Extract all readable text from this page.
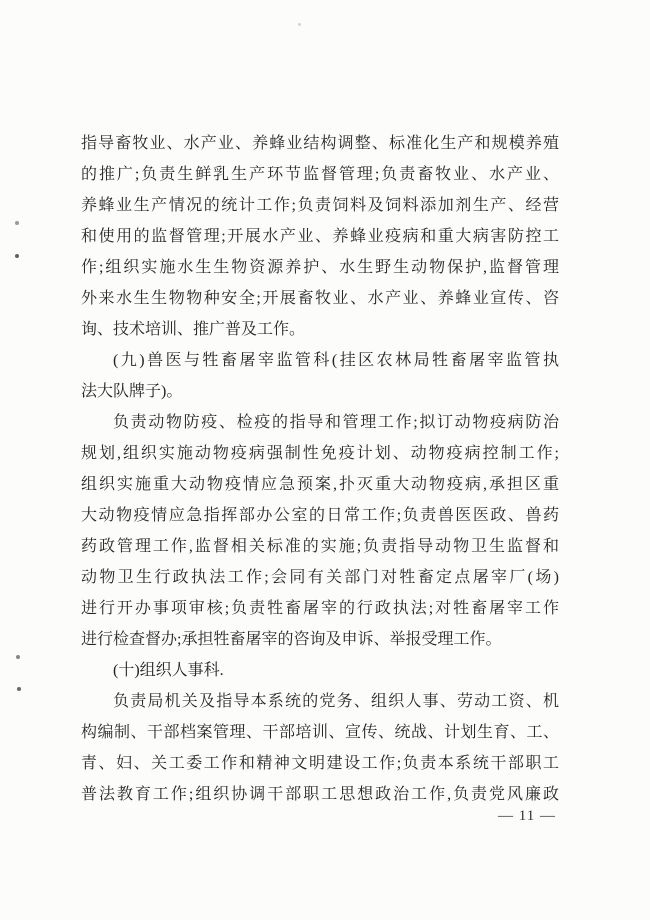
指导畜牧业、水产业、养蜂业结构调整、标准化生产和规模养殖
的推广;负责生鲜乳生产环节监督管理;负责畜牧业、水产业、
养蜂业生产情况的统计工作;负责饲料及饲料添加剂生产、经营
和使用的监督管理;开展水产业、养蜂业疫病和重大病害防控工
作;组织实施水生生物资源养护、水生野生动物保护,监督管理
外来水生生物物种安全;开展畜牧业、水产业、养蜂业宣传、咨
询、技术培训、推广普及工作。
(九)兽医与牲畜屠宰监管科(挂区农林局牲畜屠宰监管执
法大队牌子)。
负责动物防疫、检疫的指导和管理工作;拟订动物疫病防治
规划,组织实施动物疫病强制性免疫计划、动物疫病控制工作;
组织实施重大动物疫情应急预案,扑灭重大动物疫病,承担区重
大动物疫情应急指挥部办公室的日常工作;负责兽医医政、兽药
药政管理工作,监督相关标准的实施;负责指导动物卫生监督和
动物卫生行政执法工作;会同有关部门对牲畜定点屠宰厂(场)
进行开办事项审核;负责牲畜屠宰的行政执法;对牲畜屠宰工作
进行检查督办;承担牲畜屠宰的咨询及申诉、举报受理工作。
(十)组织人事科.
负责局机关及指导本系统的党务、组织人事、劳动工资、机
构编制、干部档案管理、干部培训、宣传、统战、计划生育、工、
青、妇、关工委工作和精神文明建设工作;负责本系统干部职工
普法教育工作;组织协调干部职工思想政治工作,负责党风廉政
— 11 —
